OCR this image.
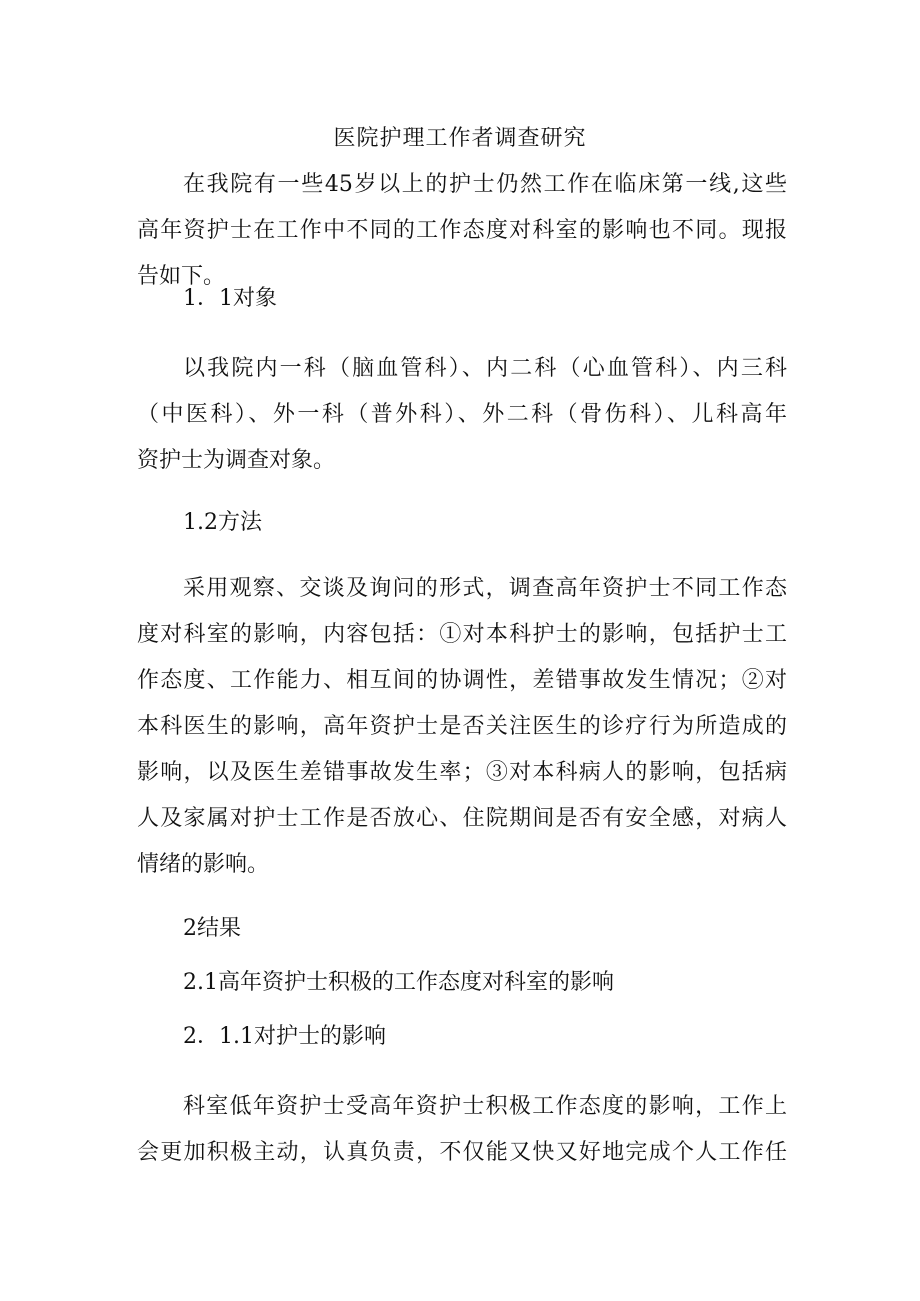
医院护理工作者调查研究
在我院有一些45岁以上的护士仍然工作在临床第一线,这些
高年资护士在工作中不同的工作态度对科室的影响也不同。现报
告如下。
1．1对象
以我院内一科（脑血管科）、内二科（心血管科）、内三科
（中医科）、外一科（普外科）、外二科（骨伤科）、儿科高年
资护士为调查对象。
1.2方法
采用观察、交谈及询问的形式，调查高年资护士不同工作态
度对科室的影响，内容包括：①对本科护士的影响，包括护士工
作态度、工作能力、相互间的协调性，差错事故发生情况；②对
本科医生的影响，高年资护士是否关注医生的诊疗行为所造成的
影响，以及医生差错事故发生率；③对本科病人的影响，包括病
人及家属对护士工作是否放心、住院期间是否有安全感，对病人
情绪的影响。
2结果
2.1高年资护士积极的工作态度对科室的影响
2．1.1对护士的影响
科室低年资护士受高年资护士积极工作态度的影响，工作上
会更加积极主动，认真负责，不仅能又快又好地完成个人工作任
